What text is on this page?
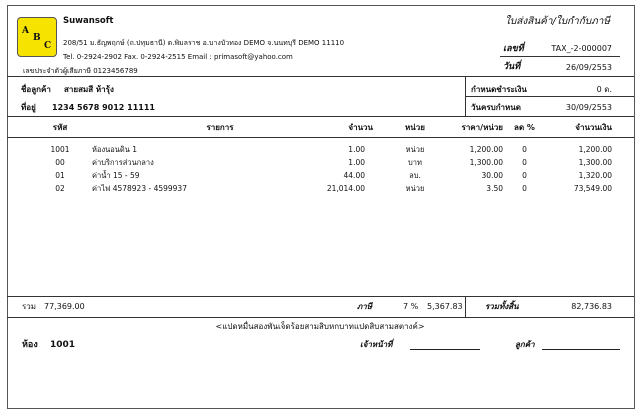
A
B
C
Suwansoft
208/51 ม.ธัญพฤกษ์ (ถ.ปทุมธานี) ต.พิมลราช อ.บางบัวทอง DEMO จ.นนทบุรี DEMO 11110
Tel. 0-2924-2902 Fax. 0-2924-2515 Email : primasoft@yahoo.com
เลขประจำตัวผู้เสียภาษี 0123456789
ใบส่งสินค้า/ใบกำกับภาษี
เลขที่	TAX_-2-000007
วันที่	26/09/2553
ชื่อลูกค้า สายสมสี ห้ารุ้ง
ที่อยู่ 1234 5678 9012 11111
กำหนดชำระเงิน	0 ด.
วันครบกำหนด	30/09/2553
รหัส	รายการ	จำนวน	หน่วย	ราคา/หน่วย	ลด %	จำนวนเงิน
1001	ห้องนอนดิน 1	1.00	หน่วย	1,200.00	0	1,200.00
00	ค่าบริการส่วนกลาง	1.00	บาท	1,300.00	0	1,300.00
01	ค่าน้ำ 15 - 59	44.00	ลบ.	30.00	0	1,320.00
02	ค่าไฟ 4578923 - 4599937	21,014.00	หน่วย	3.50	0	73,549.00
รวม 77,369.00	ภาษี	7 % 5,367.83	รวมทั้งสิ้น	82,736.83
<แปดหมื่นสองพันเจ็ดร้อยสามสิบหกบาทแปดสิบสามสตางค์>
ห้อง 1001	เจ้าหน้าที่	ลูกค้า
